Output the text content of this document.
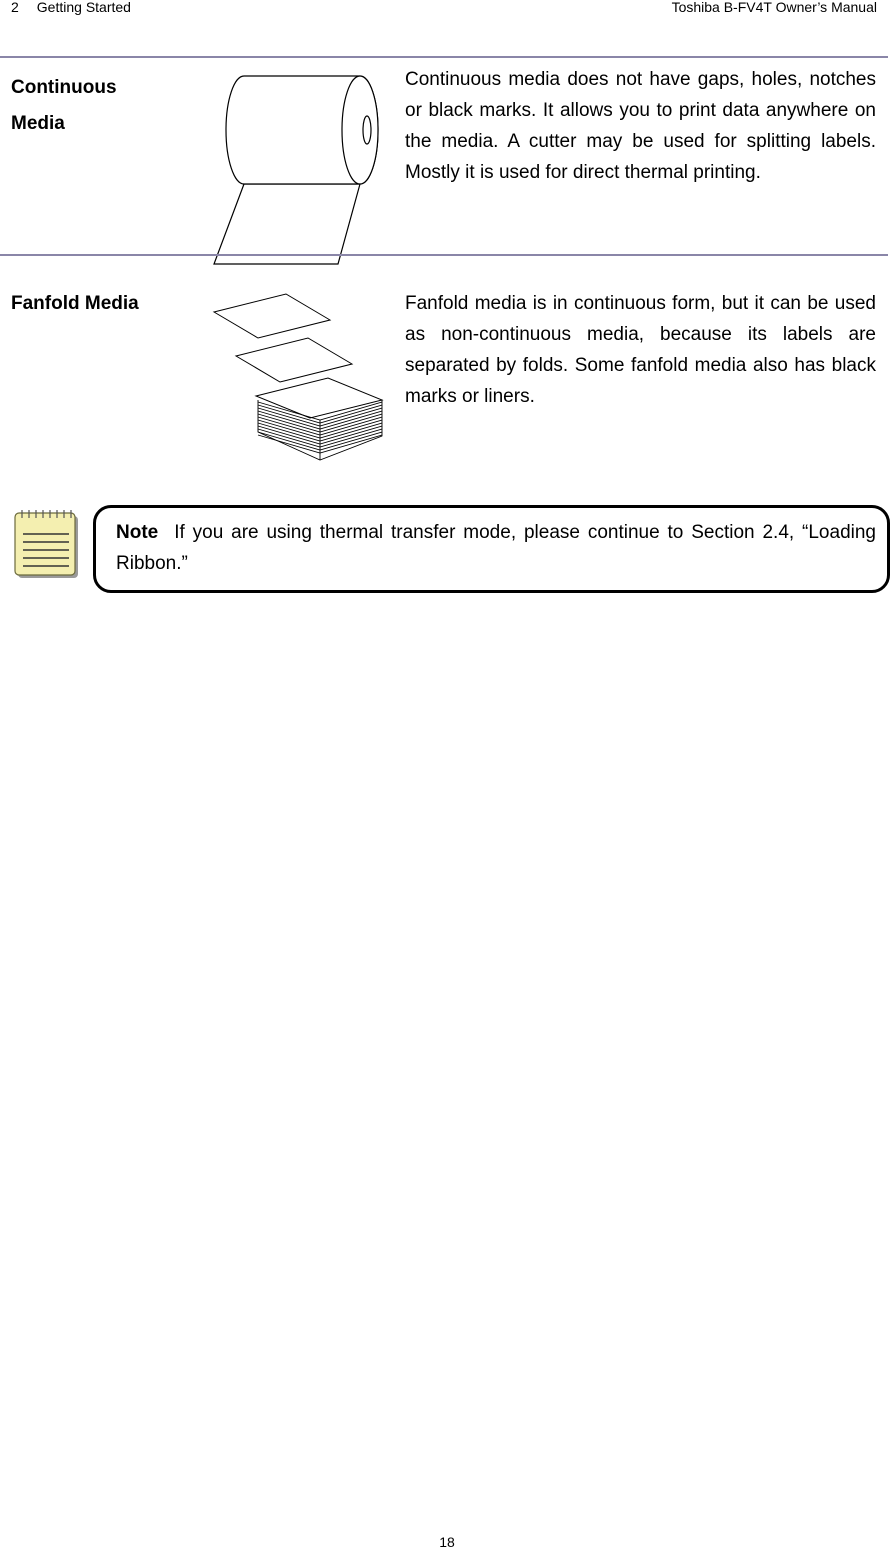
2 Getting Started	Toshiba B-FV4T Owner’s Manual
Continuous Media
Continuous media does not have gaps, holes, notches or black marks. It allows you to print data anywhere on the media. A cutter may be used for splitting labels. Mostly it is used for direct thermal printing.
Fanfold Media	Fanfold media is in continuous form, but it can be used as non-continuous media, because its labels are separated by folds. Some fanfold media also has black marks or liners.
Note If you are using thermal transfer mode, please continue to Section 2.4, “Loading Ribbon.”
18
